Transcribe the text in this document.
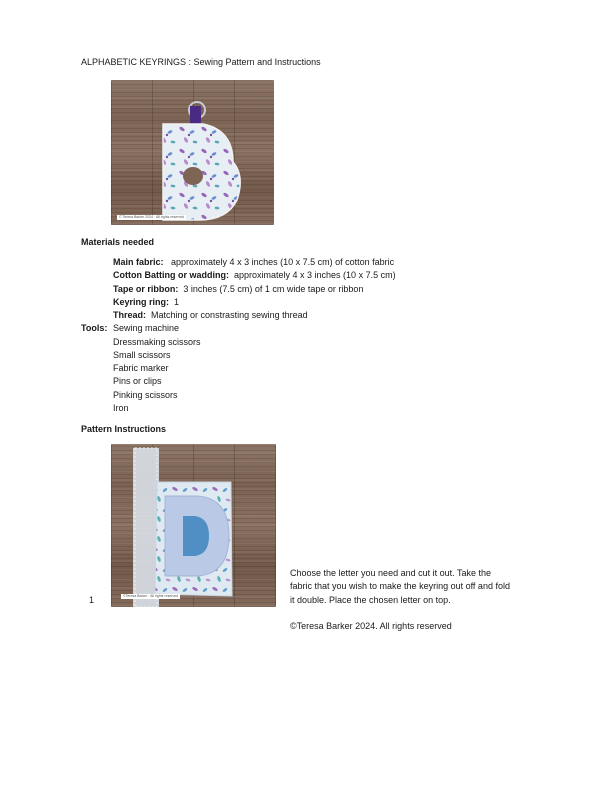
ALPHABETIC KEYRINGS : Sewing Pattern and Instructions
© Teresa Barker 2024 · All rights reserved
Materials needed
Main fabric: approximately 4 x 3 inches (10 x 7.5 cm) of cotton fabric
Cotton Batting or wadding: approximately 4 x 3 inches (10 x 7.5 cm)
Tape or ribbon: 3 inches (7.5 cm) of 1 cm wide tape or ribbon
Keyring ring: 1
Thread: Matching or constrasting sewing thread
Tools: Sewing machine
Dressmaking scissors
Small scissors
Fabric marker
Pins or clips
Pinking scissors
Iron
Pattern Instructions
1	©Teresa Barker . All rights reserved
Choose the letter you need and cut it out. Take the
fabric that you wish to make the keyring out off and fold
it double. Place the chosen letter on top.
©Teresa Barker 2024. All rights reserved
